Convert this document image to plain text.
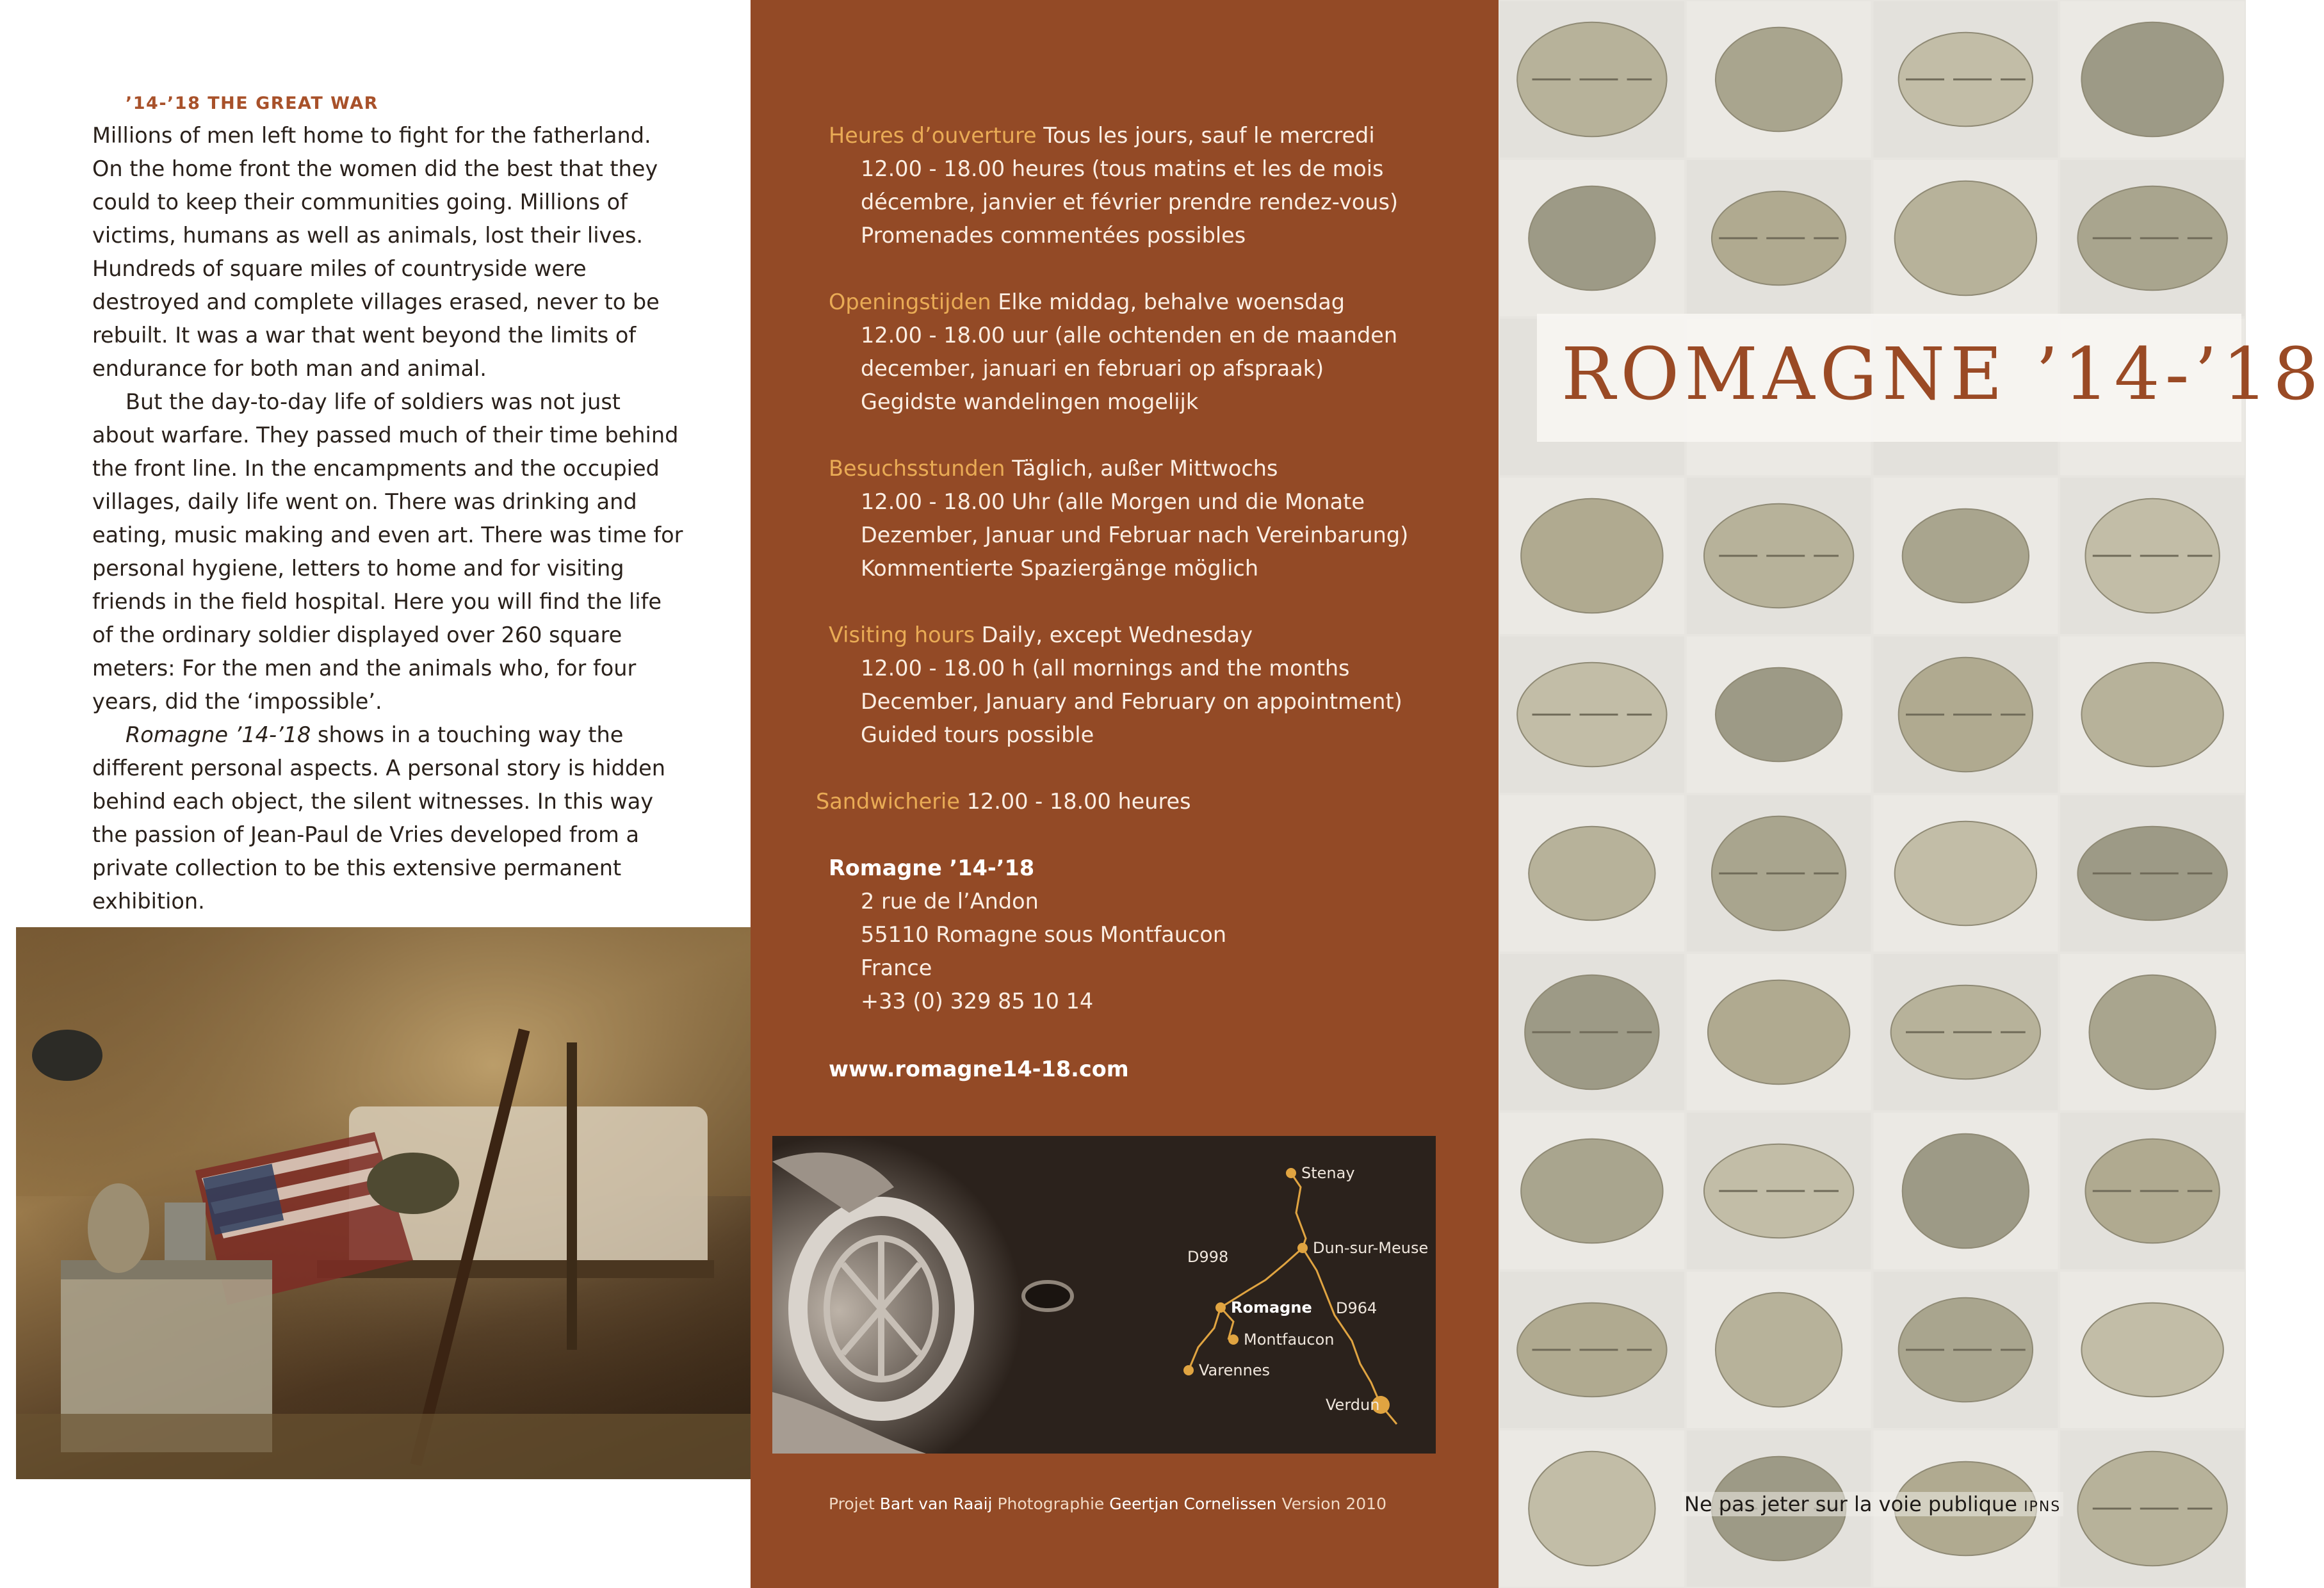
’14-’18 THE GREAT WAR

Millions of men left home to fight for the fatherland. On the home front the women did the best that they could to keep their communities going. Millions of victims, humans as well as animals, lost their lives. Hundreds of square miles of countryside were destroyed and complete villages erased, never to be rebuilt. It was a war that went beyond the limits of endurance for both man and animal.

But the day-to-day life of soldiers was not just about warfare. They passed much of their time behind the front line. In the encampments and the occupied villages, daily life went on. There was drinking and eating, music making and even art. There was time for personal hygiene, letters to home and for visiting friends in the field hospital. Here you will find the life of the ordinary soldier displayed over 260 square meters: For the men and the animals who, for four years, did the ‘impossible’.

Romagne ’14-’18 shows in a touching way the different personal aspects. A personal story is hidden behind each object, the silent witnesses. In this way the passion of Jean-Paul de Vries developed from a private collection to be this extensive permanent exhibition.

Heures d’ouverture Tous les jours, sauf le mercredi
12.00 - 18.00 heures (tous matins et les de mois
décembre, janvier et février prendre rendez-vous)
Promenades commentées possibles
Openingstijden Elke middag, behalve woensdag
12.00 - 18.00 uur (alle ochtenden en de maanden
december, januari en februari op afspraak)
Gegidste wandelingen mogelijk
Besuchsstunden Täglich, außer Mittwochs
12.00 - 18.00 Uhr (alle Morgen und die Monate
Dezember, Januar und Februar nach Vereinbarung)
Kommentierte Spaziergänge möglich
Visiting hours Daily, except Wednesday
12.00 - 18.00 h (all mornings and the months
December, January and February on appointment)
Guided tours possible
Sandwicherie 12.00 - 18.00 heures
Romagne ’14-’18
2 rue de l’Andon
55110 Romagne sous Montfaucon
France
+33 (0) 329 85 10 14
www.romagne14-18.com
Stenay
Dun-sur-Meuse
D998
Romagne D964
Montfaucon
Varennes
Verdun
Projet Bart van Raaij Photographie Geertjan Cornelissen Version 2010
ROMAGNE ’14-’18
Ne pas jeter sur la voie publique IPNS
